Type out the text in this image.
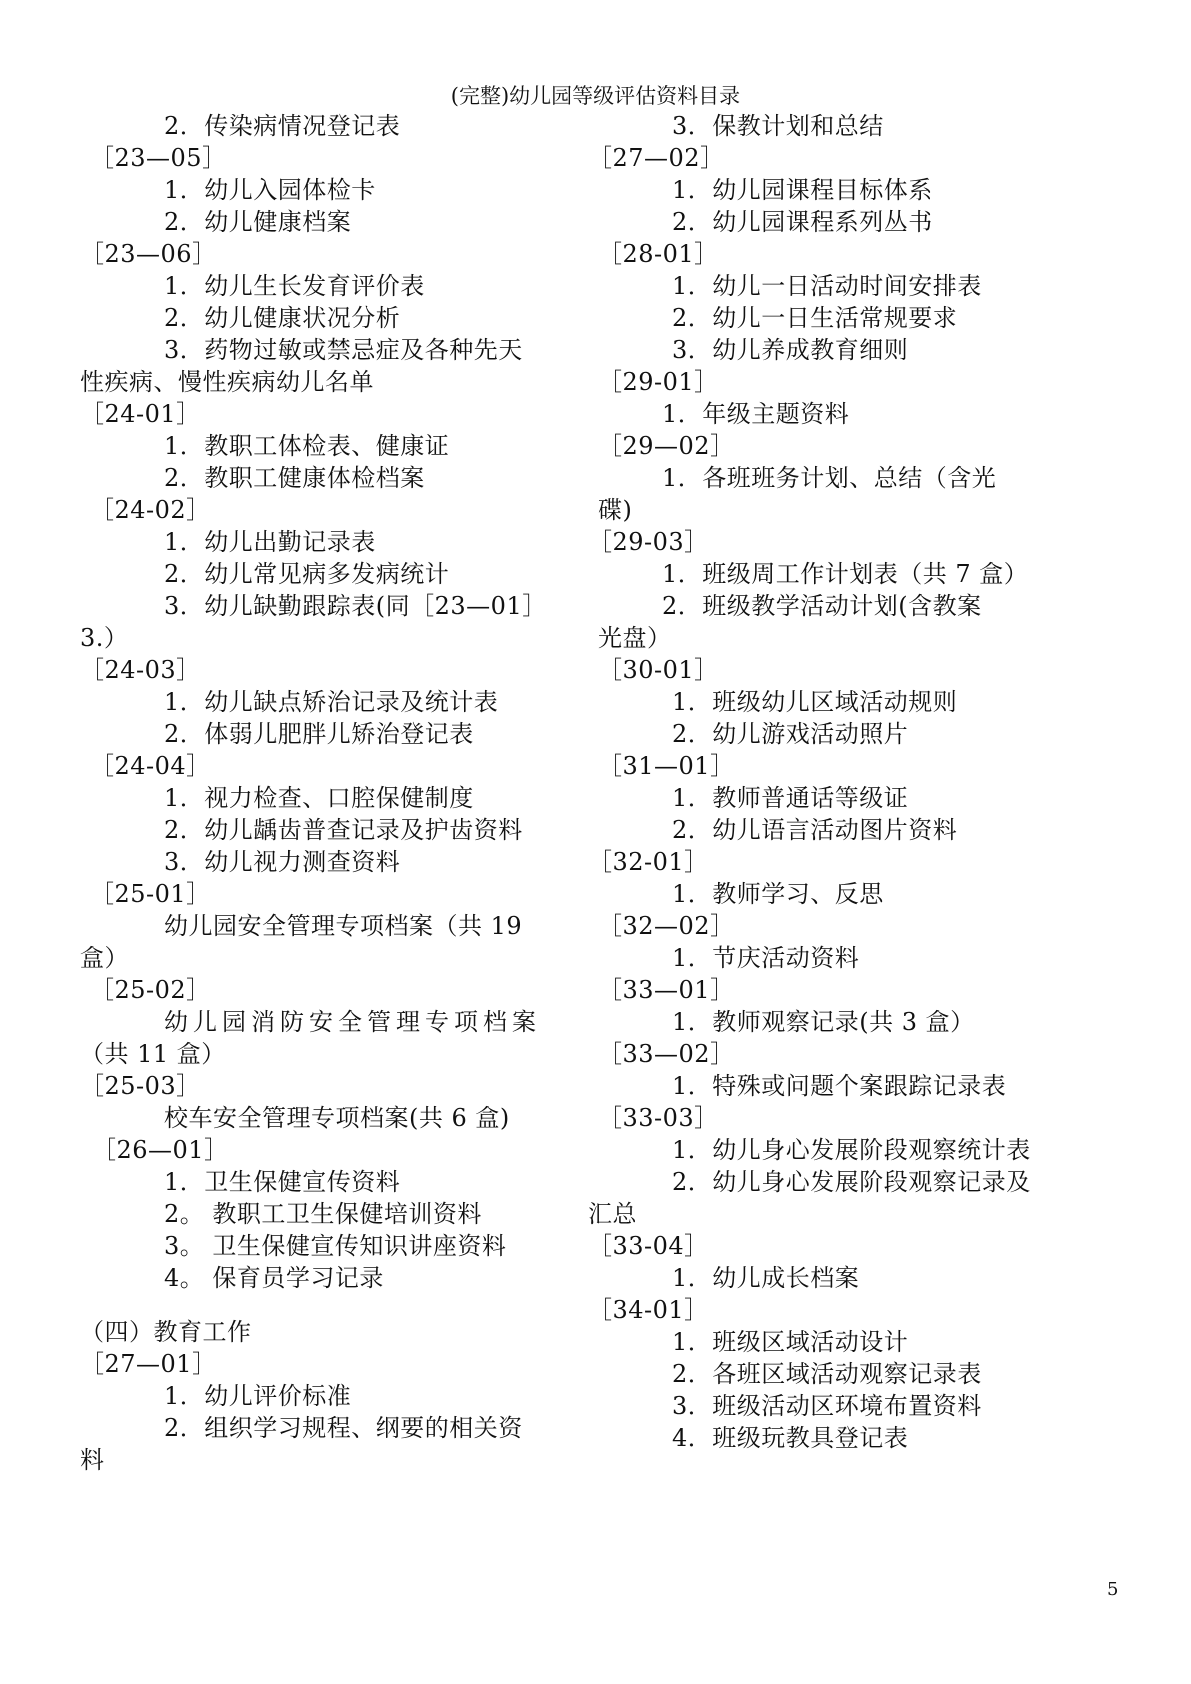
(完整)幼儿园等级评估资料目录
2．传染病情况登记表
［23—05］
1．幼儿入园体检卡
2．幼儿健康档案
［23—06］
1．幼儿生长发育评价表
2．幼儿健康状况分析
3．药物过敏或禁忌症及各种先天
性疾病、慢性疾病幼儿名单
［24-01］
1．教职工体检表、健康证
2．教职工健康体检档案
［24-02］
1．幼儿出勤记录表
2．幼儿常见病多发病统计
3．幼儿缺勤跟踪表(同［23—01］
3.）
［24-03］
1．幼儿缺点矫治记录及统计表
2．体弱儿肥胖儿矫治登记表
［24-04］
1．视力检查、口腔保健制度
2．幼儿龋齿普查记录及护齿资料
3．幼儿视力测查资料
［25-01］
幼儿园安全管理专项档案（共 19
盒）
［25-02］
幼儿园消防安全管理专项档案
（共 11 盒）
［25-03］
校车安全管理专项档案(共 6 盒)
［26—01］
1．卫生保健宣传资料
2。 教职工卫生保健培训资料
3。 卫生保健宣传知识讲座资料
4。 保育员学习记录
（四）教育工作
［27—01］
1．幼儿评价标准
2．组织学习规程、纲要的相关资
料
3．保教计划和总结
［27—02］
1．幼儿园课程目标体系
2．幼儿园课程系列丛书
［28-01］
1．幼儿一日活动时间安排表
2．幼儿一日生活常规要求
3．幼儿养成教育细则
［29-01］
1．年级主题资料
［29—02］
1．各班班务计划、总结（含光
碟)
［29-03］
1．班级周工作计划表（共 7 盒）
2．班级教学活动计划(含教案
光盘）
［30-01］
1．班级幼儿区域活动规则
2．幼儿游戏活动照片
［31—01］
1．教师普通话等级证
2．幼儿语言活动图片资料
［32-01］
1．教师学习、反思
［32—02］
1．节庆活动资料
［33—01］
1．教师观察记录(共 3 盒）
［33—02］
1．特殊或问题个案跟踪记录表
［33-03］
1．幼儿身心发展阶段观察统计表
2．幼儿身心发展阶段观察记录及
汇总
［33-04］
1．幼儿成长档案
［34-01］
1．班级区域活动设计
2．各班区域活动观察记录表
3．班级活动区环境布置资料
4．班级玩教具登记表
5
